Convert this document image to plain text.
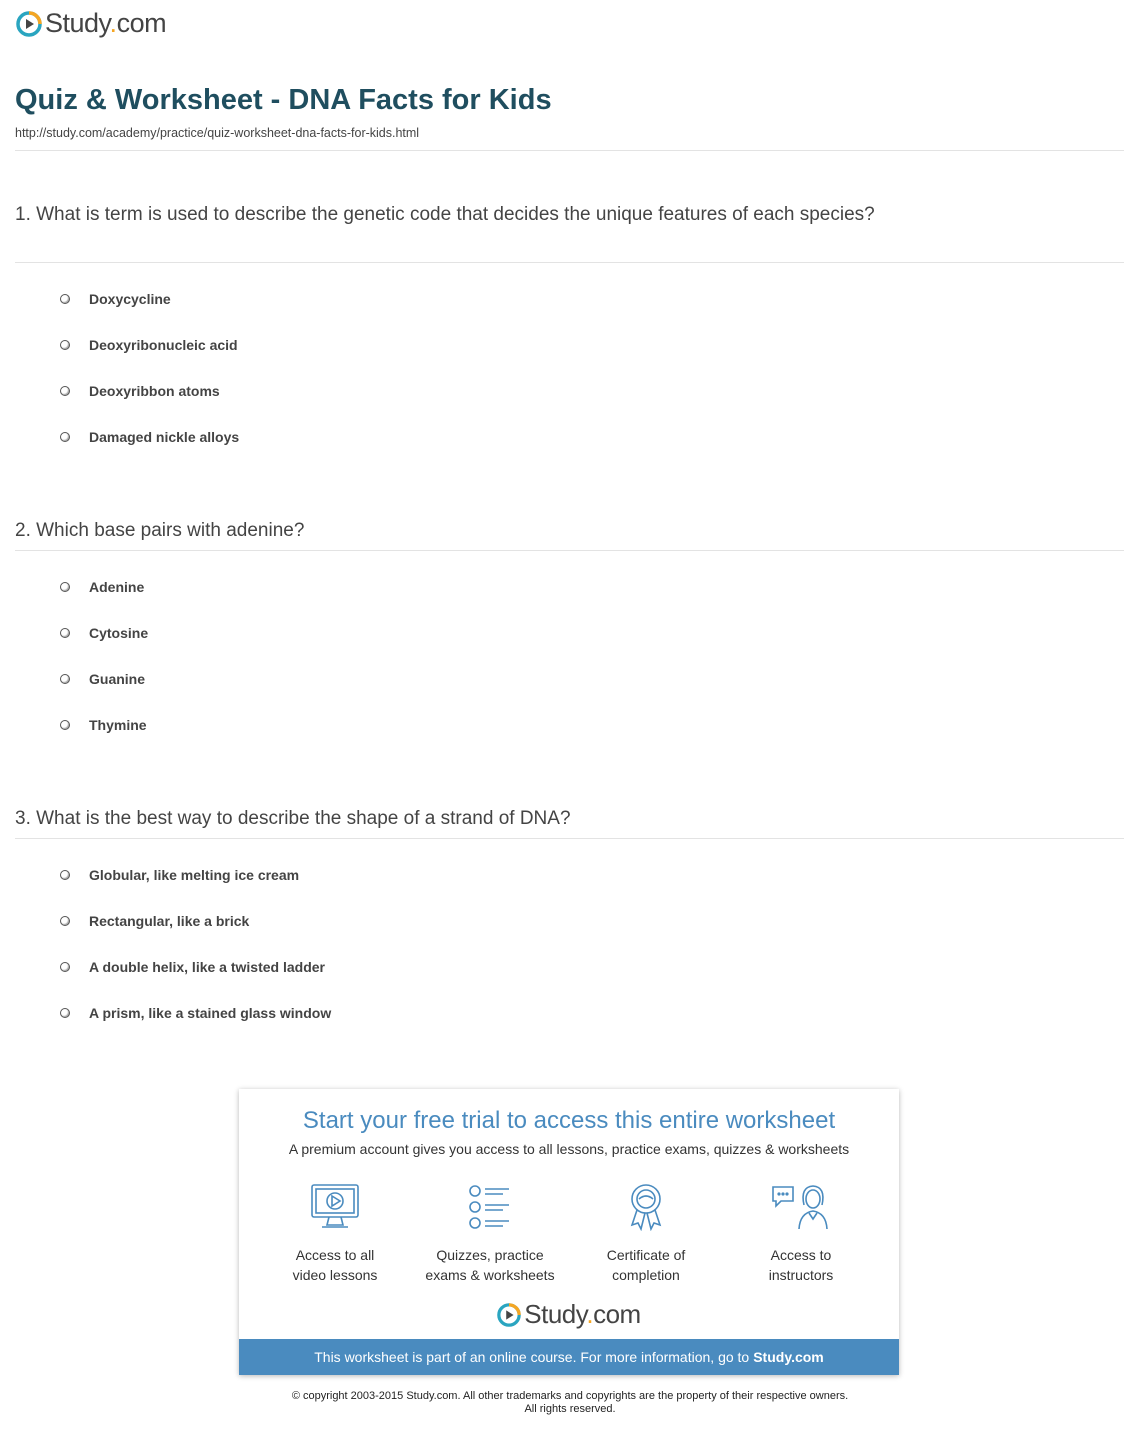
Study.com
Quiz & Worksheet - DNA Facts for Kids
http://study.com/academy/practice/quiz-worksheet-dna-facts-for-kids.html

1. What is term is used to describe the genetic code that decides the unique features of each species?

Doxycycline
Deoxyribonucleic acid
Deoxyribbon atoms
Damaged nickle alloys

2. Which base pairs with adenine?

Adenine
Cytosine
Guanine
Thymine

3. What is the best way to describe the shape of a strand of DNA?

Globular, like melting ice cream
Rectangular, like a brick
A double helix, like a twisted ladder
A prism, like a stained glass window
Start your free trial to access this entire worksheet
A premium account gives you access to all lessons, practice exams, quizzes & worksheets
Access to all
video lessons
Quizzes, practice
exams & worksheets
Certificate of
completion
Access to
instructors
Study.com
This worksheet is part of an online course. For more information, go to Study.com
© copyright 2003-2015 Study.com. All other trademarks and copyrights are the property of their respective owners.
All rights reserved.
